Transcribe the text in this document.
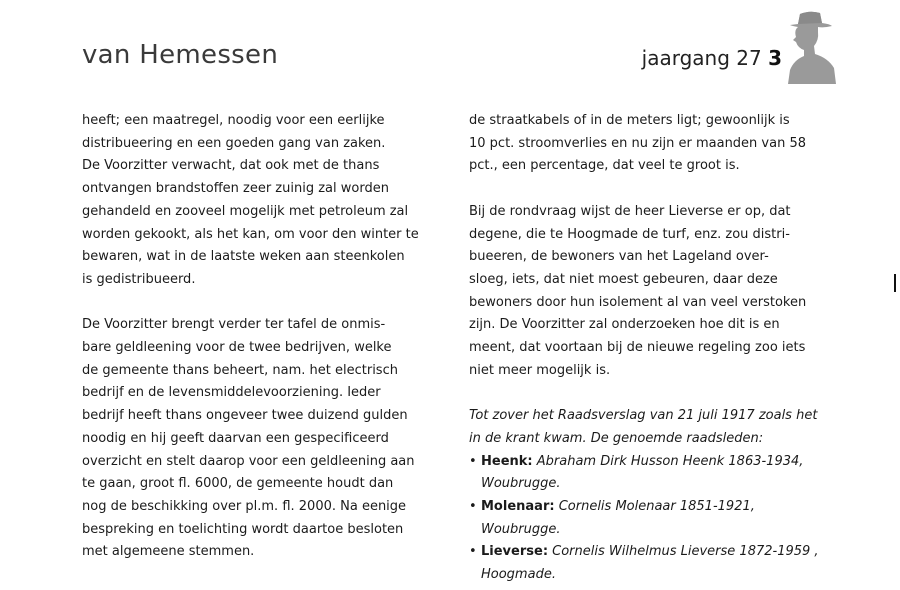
van Hemessen	jaargang 27 3
heeft; een maatregel, noodig voor een eerlijke
distribueering en een goeden gang van zaken.
De Voorzitter verwacht, dat ook met de thans
ontvangen brandstoffen zeer zuinig zal worden
gehandeld en zooveel mogelijk met petroleum zal
worden gekookt, als het kan, om voor den winter te
bewaren, wat in de laatste weken aan steenkolen
is gedistribueerd.
De Voorzitter brengt verder ter tafel de onmis-
bare geldleening voor de twee bedrijven, welke
de gemeente thans beheert, nam. het electrisch
bedrijf en de levensmiddelevoorziening. Ieder
bedrijf heeft thans ongeveer twee duizend gulden
noodig en hij geeft daarvan een gespecificeerd
overzicht en stelt daarop voor een geldleening aan
te gaan, groot fl. 6000, de gemeente houdt dan
nog de beschikking over pl.m. fl. 2000. Na eenige
bespreking en toelichting wordt daartoe besloten
met algemeene stemmen.
de straatkabels of in de meters ligt; gewoonlijk is
10 pct. stroomverlies en nu zijn er maanden van 58
pct., een percentage, dat veel te groot is.
Bij de rondvraag wijst de heer Lieverse er op, dat
degene, die te Hoogmade de turf, enz. zou distri-
bueeren, de bewoners van het Lageland over-
sloeg, iets, dat niet moest gebeuren, daar deze
bewoners door hun isolement al van veel verstoken
zijn. De Voorzitter zal onderzoeken hoe dit is en
meent, dat voortaan bij de nieuwe regeling zoo iets
niet meer mogelijk is.
Tot zover het Raadsverslag van 21 juli 1917 zoals het
in de krant kwam. De genoemde raadsleden:
• Heenk: Abraham Dirk Husson Heenk 1863-1934,
Woubrugge.
• Molenaar: Cornelis Molenaar 1851-1921,
Woubrugge.
• Lieverse: Cornelis Wilhelmus Lieverse 1872-1959 ,
Hoogmade.
